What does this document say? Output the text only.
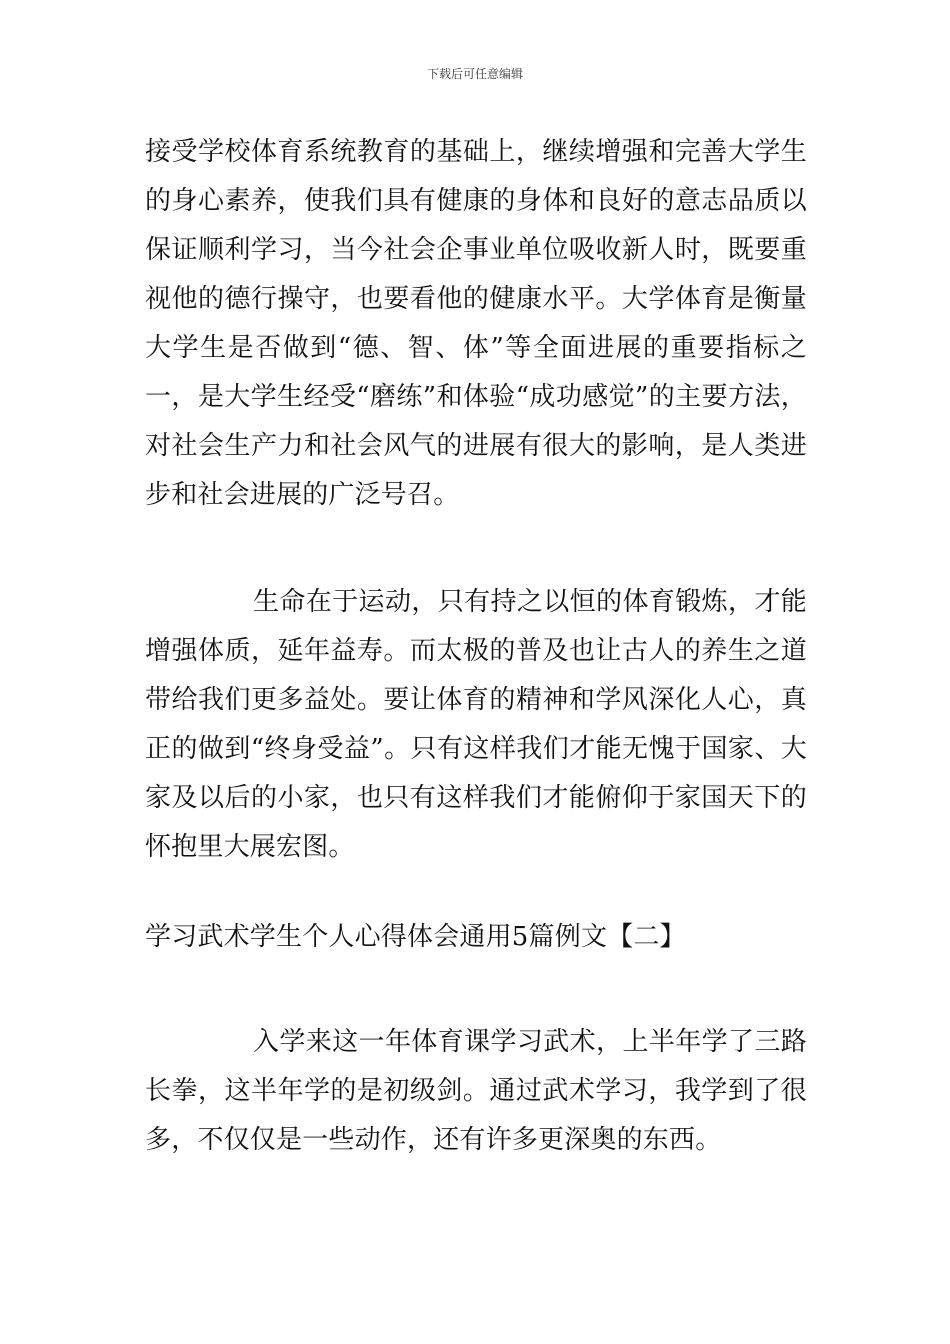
下载后可任意编辑

接受学校体育系统教育的基础上，继续增强和完善大学生的身心素养，使我们具有健康的身体和良好的意志品质以保证顺利学习，当今社会企事业单位吸收新人时，既要重视他的德行操守，也要看他的健康水平。大学体育是衡量大学生是否做到“德、智、体”等全面进展的重要指标之一，是大学生经受“磨练”和体验“成功感觉”的主要方法，对社会生产力和社会风气的进展有很大的影响，是人类进步和社会进展的广泛号召。

生命在于运动，只有持之以恒的体育锻炼，才能增强体质，延年益寿。而太极的普及也让古人的养生之道带给我们更多益处。要让体育的精神和学风深化人心，真正的做到“终身受益”。只有这样我们才能无愧于国家、大家及以后的小家，也只有这样我们才能俯仰于家国天下的怀抱里大展宏图。

学习武术学生个人心得体会通用5篇例文【二】

入学来这一年体育课学习武术，上半年学了三路长拳，这半年学的是初级剑。通过武术学习，我学到了很多，不仅仅是一些动作，还有许多更深奥的东西。
